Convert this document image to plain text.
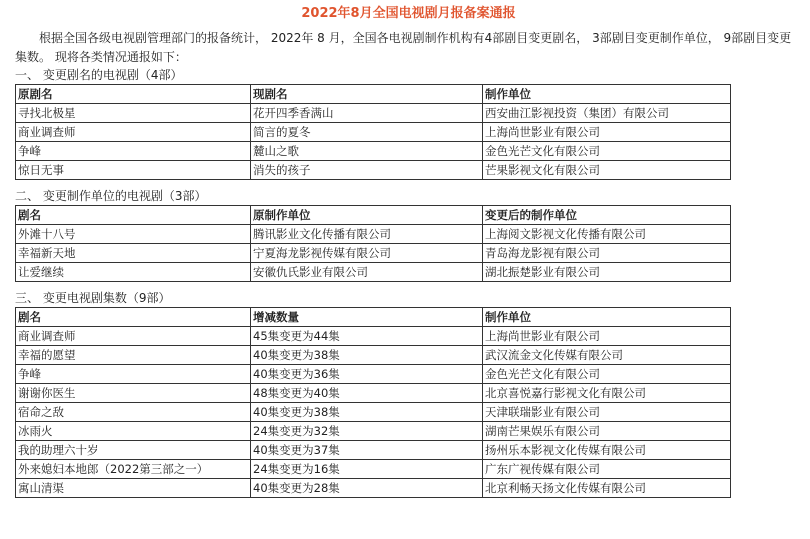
2022年8月全国电视剧月报备案通报

根据全国各级电视剧管理部门的报备统计， 2022年 8 月，全国各电视剧制作机构有4部剧目变更剧名， 3部剧目变更制作单位， 9部剧目变更集数。 现将各类情况通报如下：

一、 变更剧名的电视剧（4部）

原剧名	现剧名	制作单位
寻找北极星	花开四季香满山	西安曲江影视投资（集团）有限公司
商业调查师	简言的夏冬	上海尚世影业有限公司
争峰	麓山之歌	金色光芒文化有限公司
惊日无事	消失的孩子	芒果影视文化有限公司

二、 变更制作单位的电视剧（3部）

剧名	原制作单位	变更后的制作单位
外滩十八号	腾讯影业文化传播有限公司	上海阅文影视文化传播有限公司
幸福新天地	宁夏海龙影视传媒有限公司	青岛海龙影视有限公司
让爱继续	安徽仇氏影业有限公司	湖北振楚影业有限公司

三、 变更电视剧集数（9部）

剧名	增减数量	制作单位
商业调查师	45集变更为44集	上海尚世影业有限公司
幸福的愿望	40集变更为38集	武汉流金文化传媒有限公司
争峰	40集变更为36集	金色光芒文化有限公司
谢谢你医生	48集变更为40集	北京喜悦嘉行影视文化有限公司
宿命之敌	40集变更为38集	天津联瑞影业有限公司
冰雨火	24集变更为32集	湖南芒果娱乐有限公司
我的助理六十岁	40集变更为37集	扬州乐本影视文化传媒有限公司
外来媳妇本地郎（2022第三部之一）	24集变更为16集	广东广视传媒有限公司
寓山清渠	40集变更为28集	北京利畅天扬文化传媒有限公司
